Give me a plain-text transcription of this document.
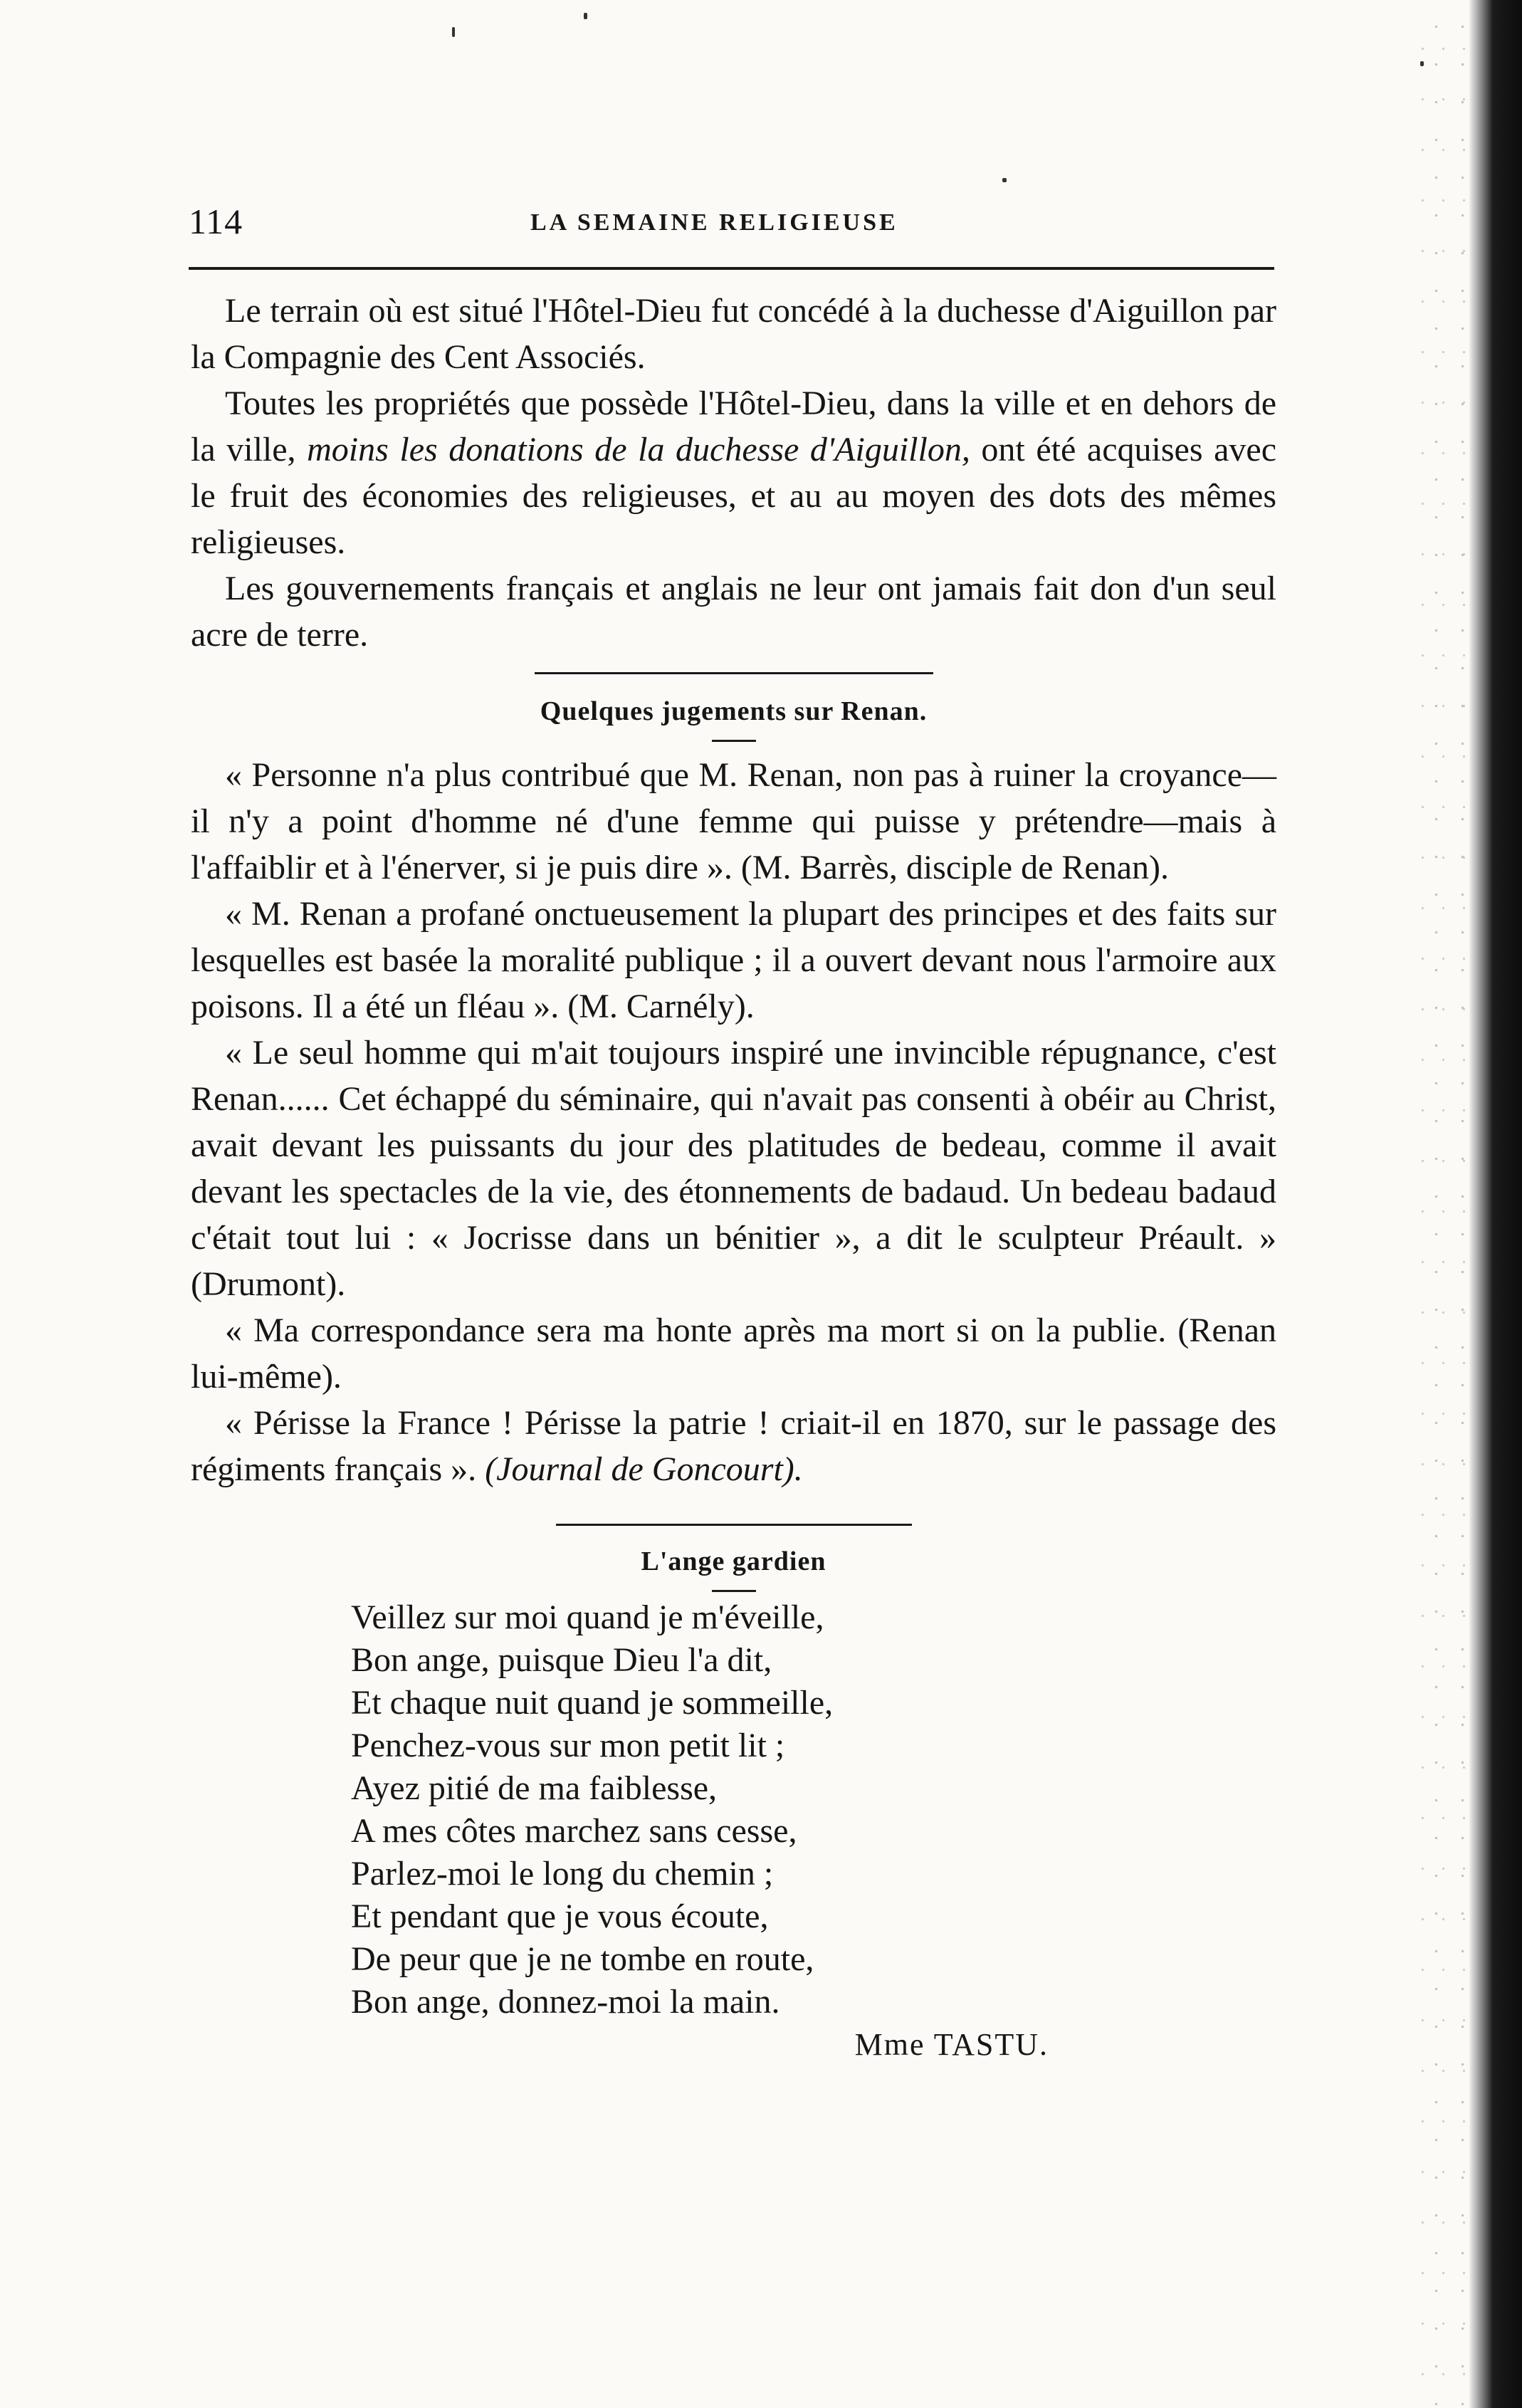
114	LA SEMAINE RELIGIEUSE

Le terrain où est situé l'Hôtel-Dieu fut concédé à la duchesse d'Aiguillon par la Compagnie des Cent Associés.

Toutes les propriétés que possède l'Hôtel-Dieu, dans la ville et en dehors de la ville, moins les donations de la duchesse d'Aiguillon, ont été acquises avec le fruit des économies des religieuses, et au au moyen des dots des mêmes religieuses.

Les gouvernements français et anglais ne leur ont jamais fait don d'un seul acre de terre.

Quelques jugements sur Renan.

« Personne n'a plus contribué que M. Renan, non pas à ruiner la croyance—il n'y a point d'homme né d'une femme qui puisse y prétendre—mais à l'affaiblir et à l'énerver, si je puis dire ». (M. Barrès, disciple de Renan).

« M. Renan a profané onctueusement la plupart des principes et des faits sur lesquelles est basée la moralité publique ; il a ouvert devant nous l'armoire aux poisons. Il a été un fléau ». (M. Carnély).

« Le seul homme qui m'ait toujours inspiré une invincible répugnance, c'est Renan...... Cet échappé du séminaire, qui n'avait pas consenti à obéir au Christ, avait devant les puissants du jour des platitudes de bedeau, comme il avait devant les spectacles de la vie, des étonnements de badaud. Un bedeau badaud c'était tout lui : « Jocrisse dans un bénitier », a dit le sculpteur Préault. » (Drumont).

« Ma correspondance sera ma honte après ma mort si on la publie. (Renan lui-même).

« Périsse la France ! Périsse la patrie ! criait-il en 1870, sur le passage des régiments français ». (Journal de Goncourt).

L'ange gardien
Veillez sur moi quand je m'éveille,
Bon ange, puisque Dieu l'a dit,
Et chaque nuit quand je sommeille,
Penchez-vous sur mon petit lit ;
Ayez pitié de ma faiblesse,
A mes côtes marchez sans cesse,
Parlez-moi le long du chemin ;
Et pendant que je vous écoute,
De peur que je ne tombe en route,
Bon ange, donnez-moi la main.
Mme TASTU.
